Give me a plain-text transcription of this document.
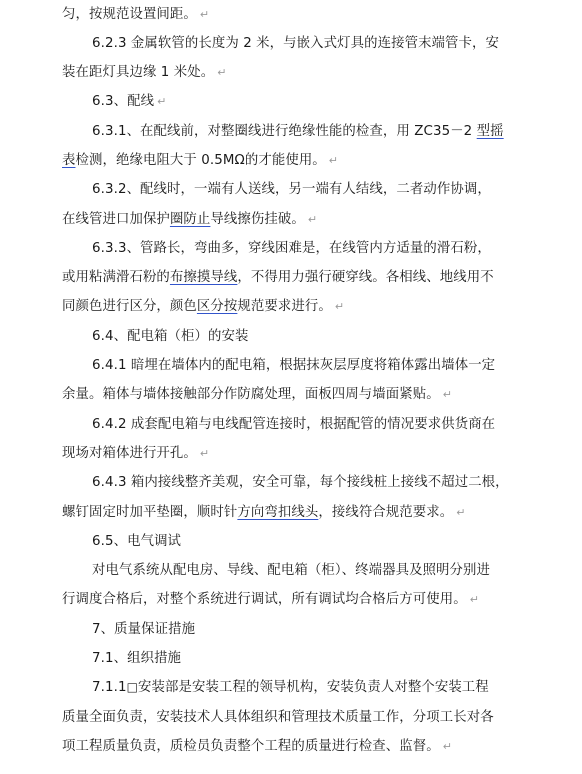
匀，按规范设置间距。 ↵
6.2.3 金属软管的长度为 2 米，与嵌入式灯具的连接管末端管卡，安
装在距灯具边缘 1 米处。 ↵
6.3、配线 ↵
6.3.1、在配线前，对整圈线进行绝缘性能的检查，用 ZC35－2 型摇
表检测，绝缘电阻大于 0.5MΩ的才能使用。 ↵
6.3.2、配线时，一端有人送线，另一端有人结线，二者动作协调，
在线管进口加保护圈防止导线擦伤挂破。 ↵
6.3.3、管路长，弯曲多，穿线困难是，在线管内方适量的滑石粉，
或用粘满滑石粉的布擦摸导线，不得用力强行硬穿线。各相线、地线用不
同颜色进行区分，颜色区分按规范要求进行。 ↵
6.4、配电箱（柜）的安装
6.4.1 暗埋在墙体内的配电箱，根据抹灰层厚度将箱体露出墙体一定
余量。箱体与墙体接触部分作防腐处理，面板四周与墙面紧贴。 ↵
6.4.2 成套配电箱与电线配管连接时，根据配管的情况要求供货商在
现场对箱体进行开孔。 ↵
6.4.3 箱内接线整齐美观，安全可靠，每个接线桩上接线不超过二根，
螺钉固定时加平垫圈，顺时针方向弯扣线头，接线符合规范要求。 ↵
6.5、电气调试
对电气系统从配电房、导线、配电箱（柜）、终端器具及照明分别进
行调度合格后，对整个系统进行调试，所有调试均合格后方可使用。 ↵
7、质量保证措施
7.1、组织措施
7.1.1□安装部是安装工程的领导机构，安装负责人对整个安装工程
质量全面负责，安装技术人具体组织和管理技术质量工作，分项工长对各
项工程质量负责，质检员负责整个工程的质量进行检查、监督。 ↵
